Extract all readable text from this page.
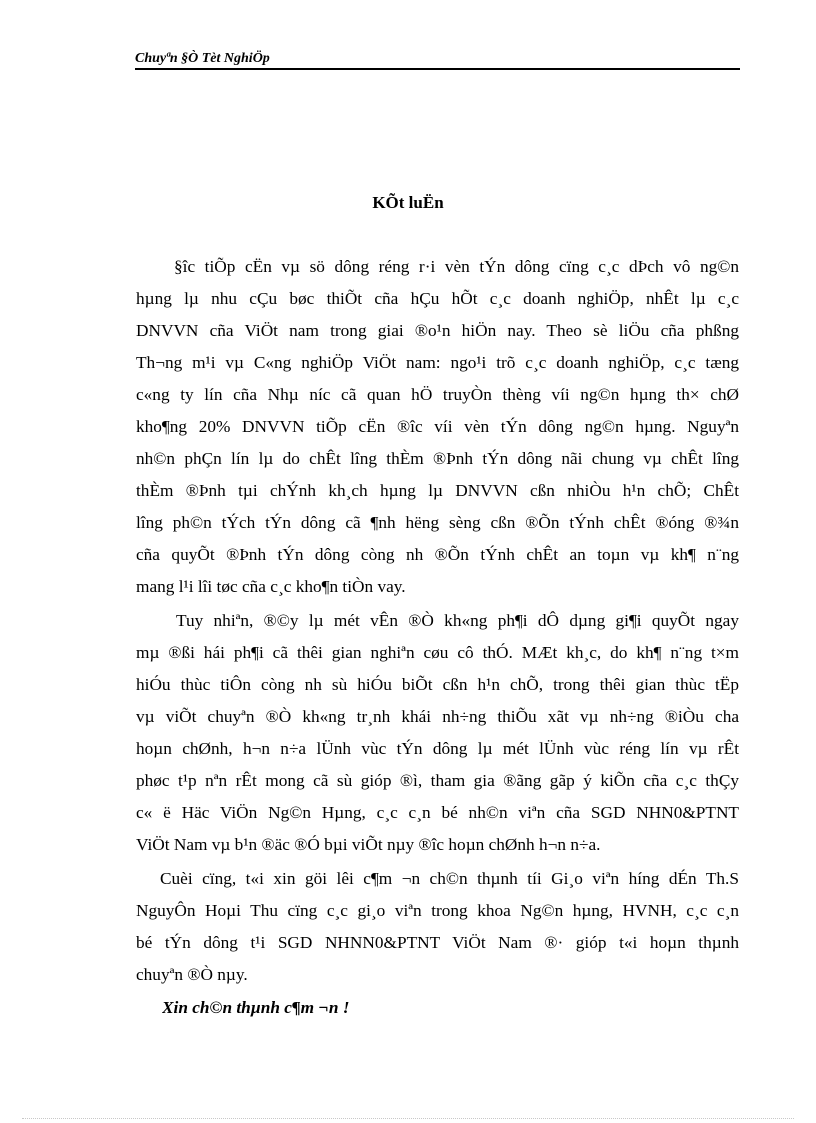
Chuyªn §Ò Tèt NghiÖp
KÕt luËn
§îc tiÕp cËn vµ sö dông réng r·i vèn tÝn dông cïng c¸c dÞch vô ng©n
hµng lµ nhu cÇu bøc thiÕt cña hÇu hÕt c¸c doanh nghiÖp, nhÊt lµ c¸c
DNVVN cña ViÖt nam trong giai ®o¹n hiÖn nay. Theo sè liÖu cña phßng
Th¬ng m¹i vµ C«ng nghiÖp ViÖt nam: ngo¹i trõ c¸c doanh nghiÖp, c¸c tæng
c«ng ty lín cña Nhµ níc cã quan hÖ truyÒn thèng víi ng©n hµng th× chØ
kho¶ng 20% DNVVN tiÕp cËn ®îc víi vèn tÝn dông ng©n hµng. Nguyªn
nh©n phÇn lín lµ do chÊt lîng thÈm ®Þnh tÝn dông nãi chung vµ chÊt lîng
thÈm ®Þnh tµi chÝnh kh¸ch hµng lµ DNVVN cßn nhiÒu h¹n chÕ; ChÊt
lîng ph©n tÝch tÝn dông cã ¶nh hëng sèng cßn ®Õn tÝnh chÊt ®óng ®¾n
cña quyÕt ®Þnh tÝn dông còng nh ®Õn tÝnh chÊt an toµn vµ kh¶ n¨ng
mang l¹i lîi tøc cña c¸c kho¶n tiÒn vay.
Tuy nhiªn, ®©y lµ mét vÊn ®Ò kh«ng ph¶i dÔ dµng gi¶i quyÕt ngay
mµ ®ßi hái ph¶i cã thêi gian nghiªn cøu cô thÓ. MÆt kh¸c, do kh¶ n¨ng t×m
hiÓu thùc tiÔn còng nh sù hiÓu biÕt cßn h¹n chÕ, trong thêi gian thùc tËp
vµ viÕt chuyªn ®Ò kh«ng tr¸nh khái nh÷ng thiÕu xãt vµ nh÷ng ®iÒu cha
hoµn chØnh, h¬n n÷a lÜnh vùc tÝn dông lµ mét lÜnh vùc réng lín vµ rÊt
phøc t¹p nªn rÊt mong cã sù gióp ®ì, tham gia ®ãng gãp ý kiÕn cña c¸c thÇy
c« ë Häc ViÖn Ng©n Hµng, c¸c c¸n bé nh©n viªn cña SGD NHN0&PTNT
ViÖt Nam vµ b¹n ®äc ®Ó bµi viÕt nµy ®îc hoµn chØnh h¬n n÷a.
Cuèi cïng, t«i xin göi lêi c¶m ¬n ch©n thµnh tíi Gi¸o viªn híng dÉn Th.S
NguyÔn Hoµi Thu cïng c¸c gi¸o viªn trong khoa Ng©n hµng, HVNH, c¸c c¸n
bé tÝn dông t¹i SGD NHNN0&PTNT ViÖt Nam ®· gióp t«i hoµn thµnh
chuyªn ®Ò nµy.
Xin ch©n thµnh c¶m ¬n !
